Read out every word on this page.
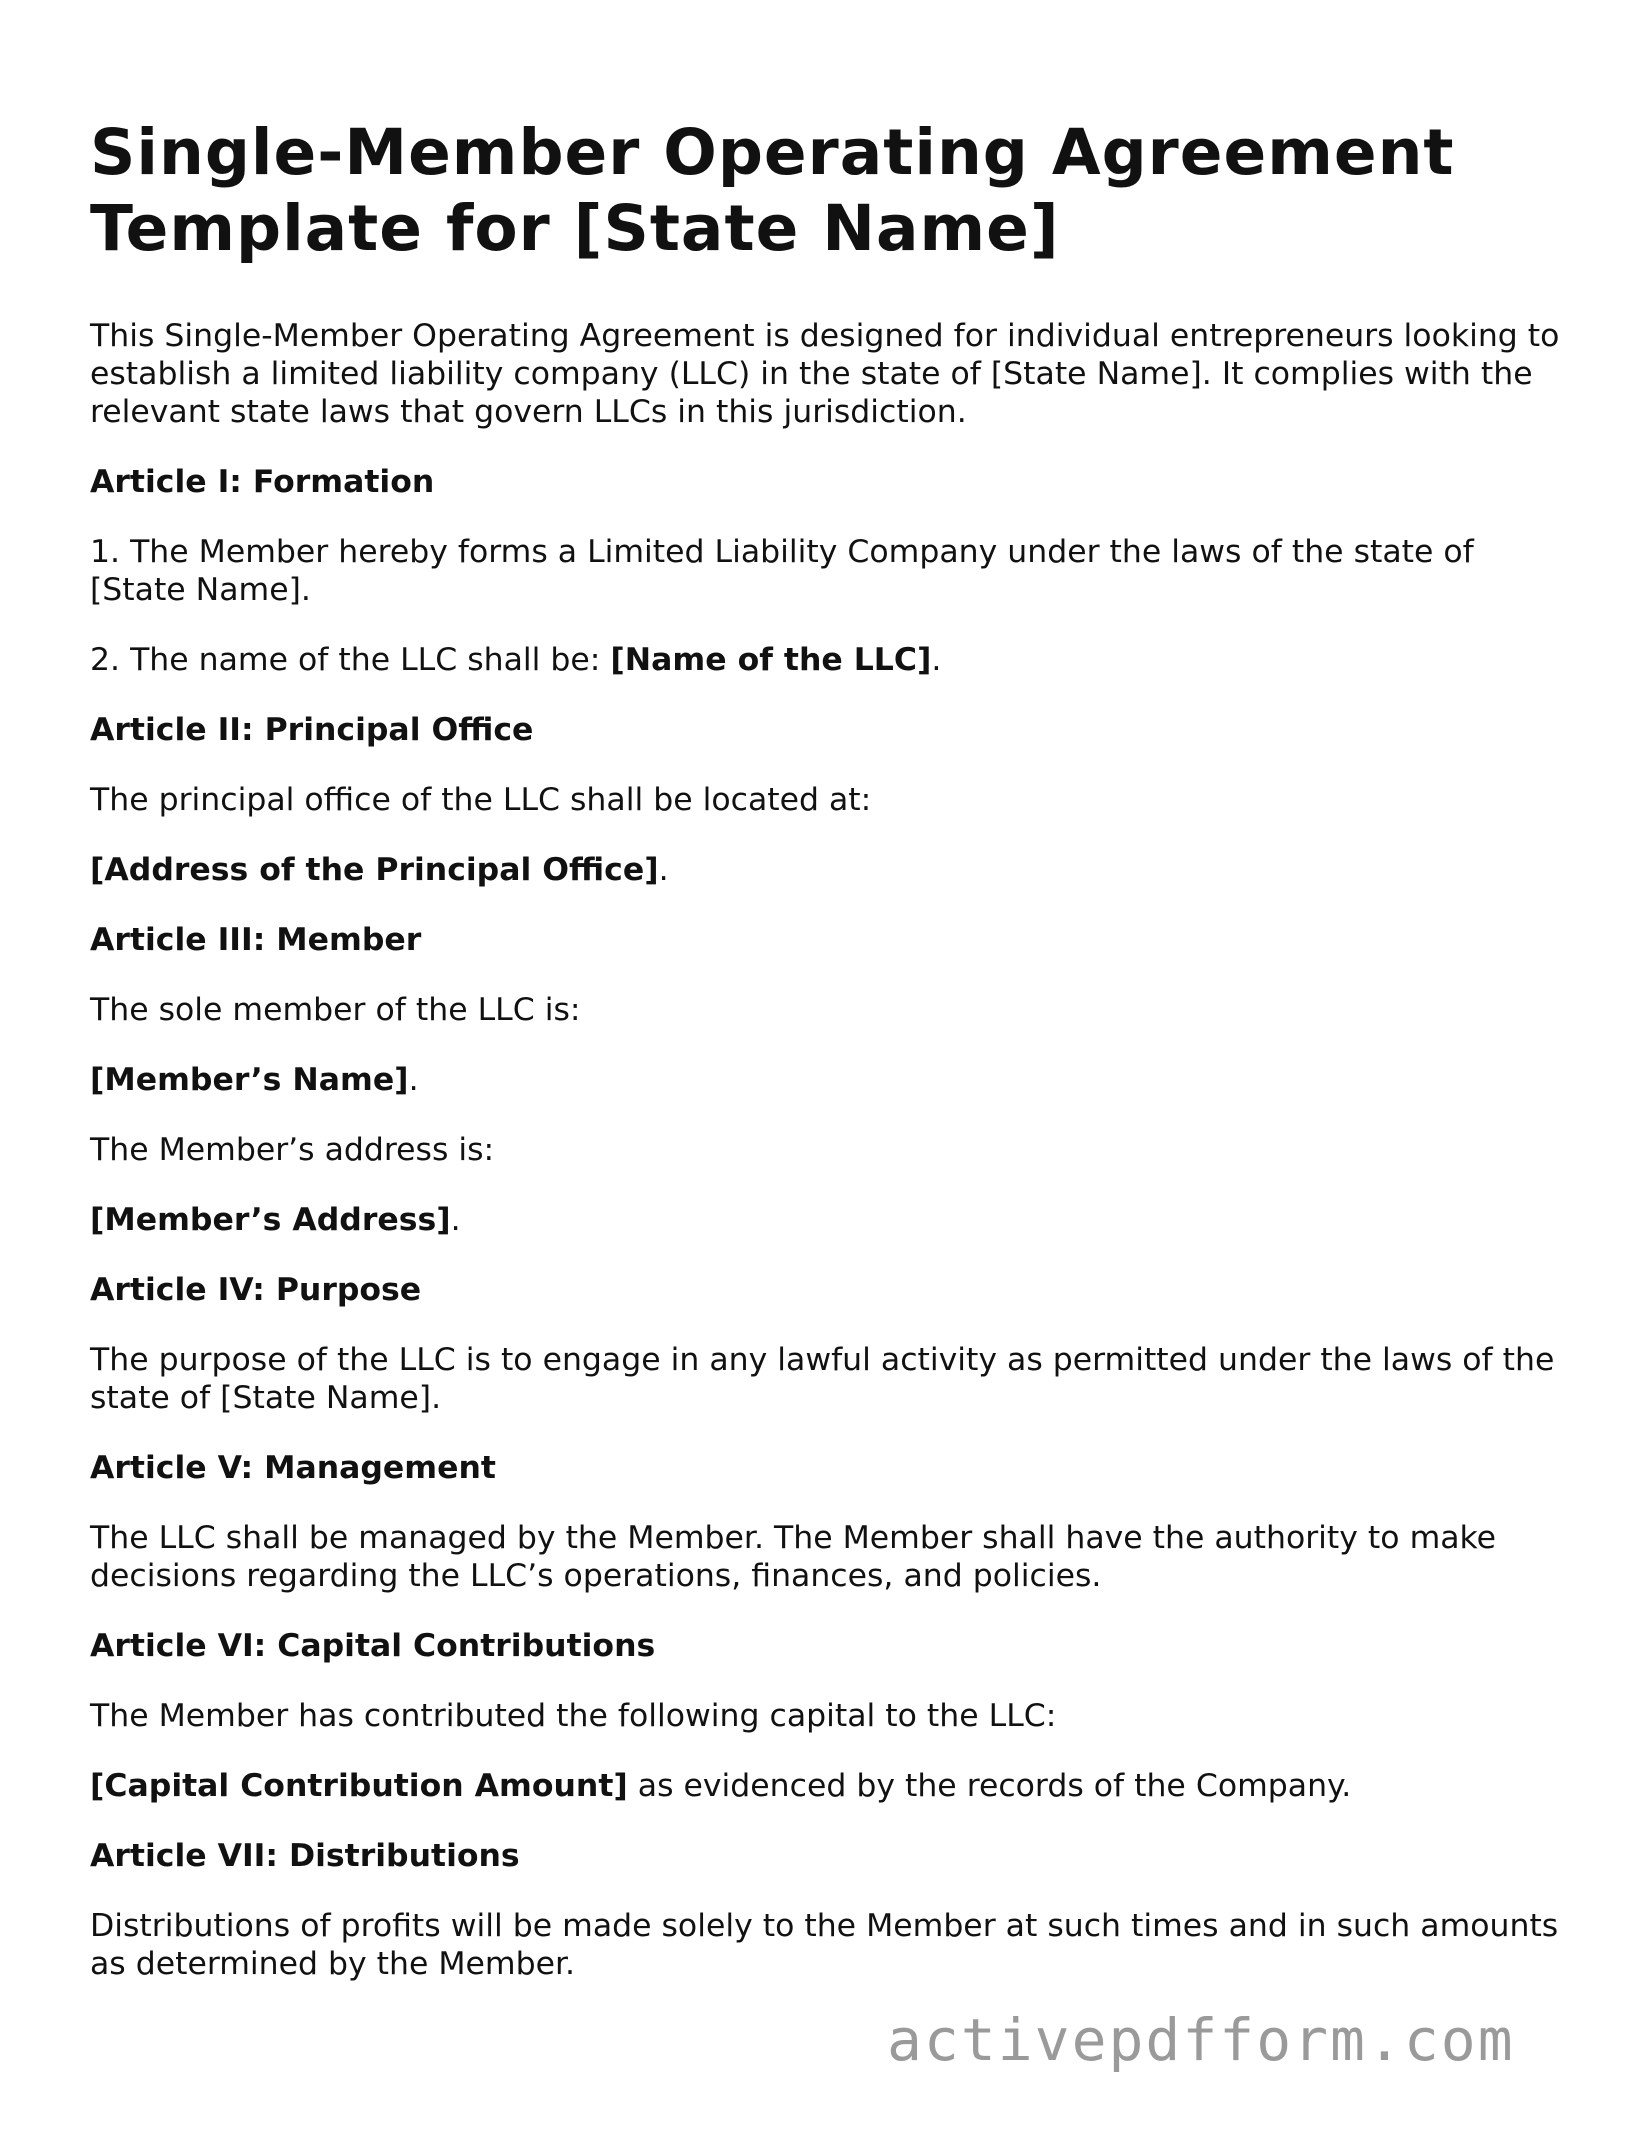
Single-Member Operating Agreement Template for [State Name]

This Single-Member Operating Agreement is designed for individual entrepreneurs looking to establish a limited liability company (LLC) in the state of [State Name]. It complies with the relevant state laws that govern LLCs in this jurisdiction.

Article I: Formation

1. The Member hereby forms a Limited Liability Company under the laws of the state of [State Name].

2. The name of the LLC shall be: [Name of the LLC].

Article II: Principal Office

The principal office of the LLC shall be located at:

[Address of the Principal Office].

Article III: Member

The sole member of the LLC is:

[Member’s Name].

The Member’s address is:

[Member’s Address].

Article IV: Purpose

The purpose of the LLC is to engage in any lawful activity as permitted under the laws of the state of [State Name].

Article V: Management

The LLC shall be managed by the Member. The Member shall have the authority to make decisions regarding the LLC’s operations, finances, and policies.

Article VI: Capital Contributions

The Member has contributed the following capital to the LLC:

[Capital Contribution Amount] as evidenced by the records of the Company.

Article VII: Distributions

Distributions of profits will be made solely to the Member at such times and in such amounts as determined by the Member.

activepdfform.com
